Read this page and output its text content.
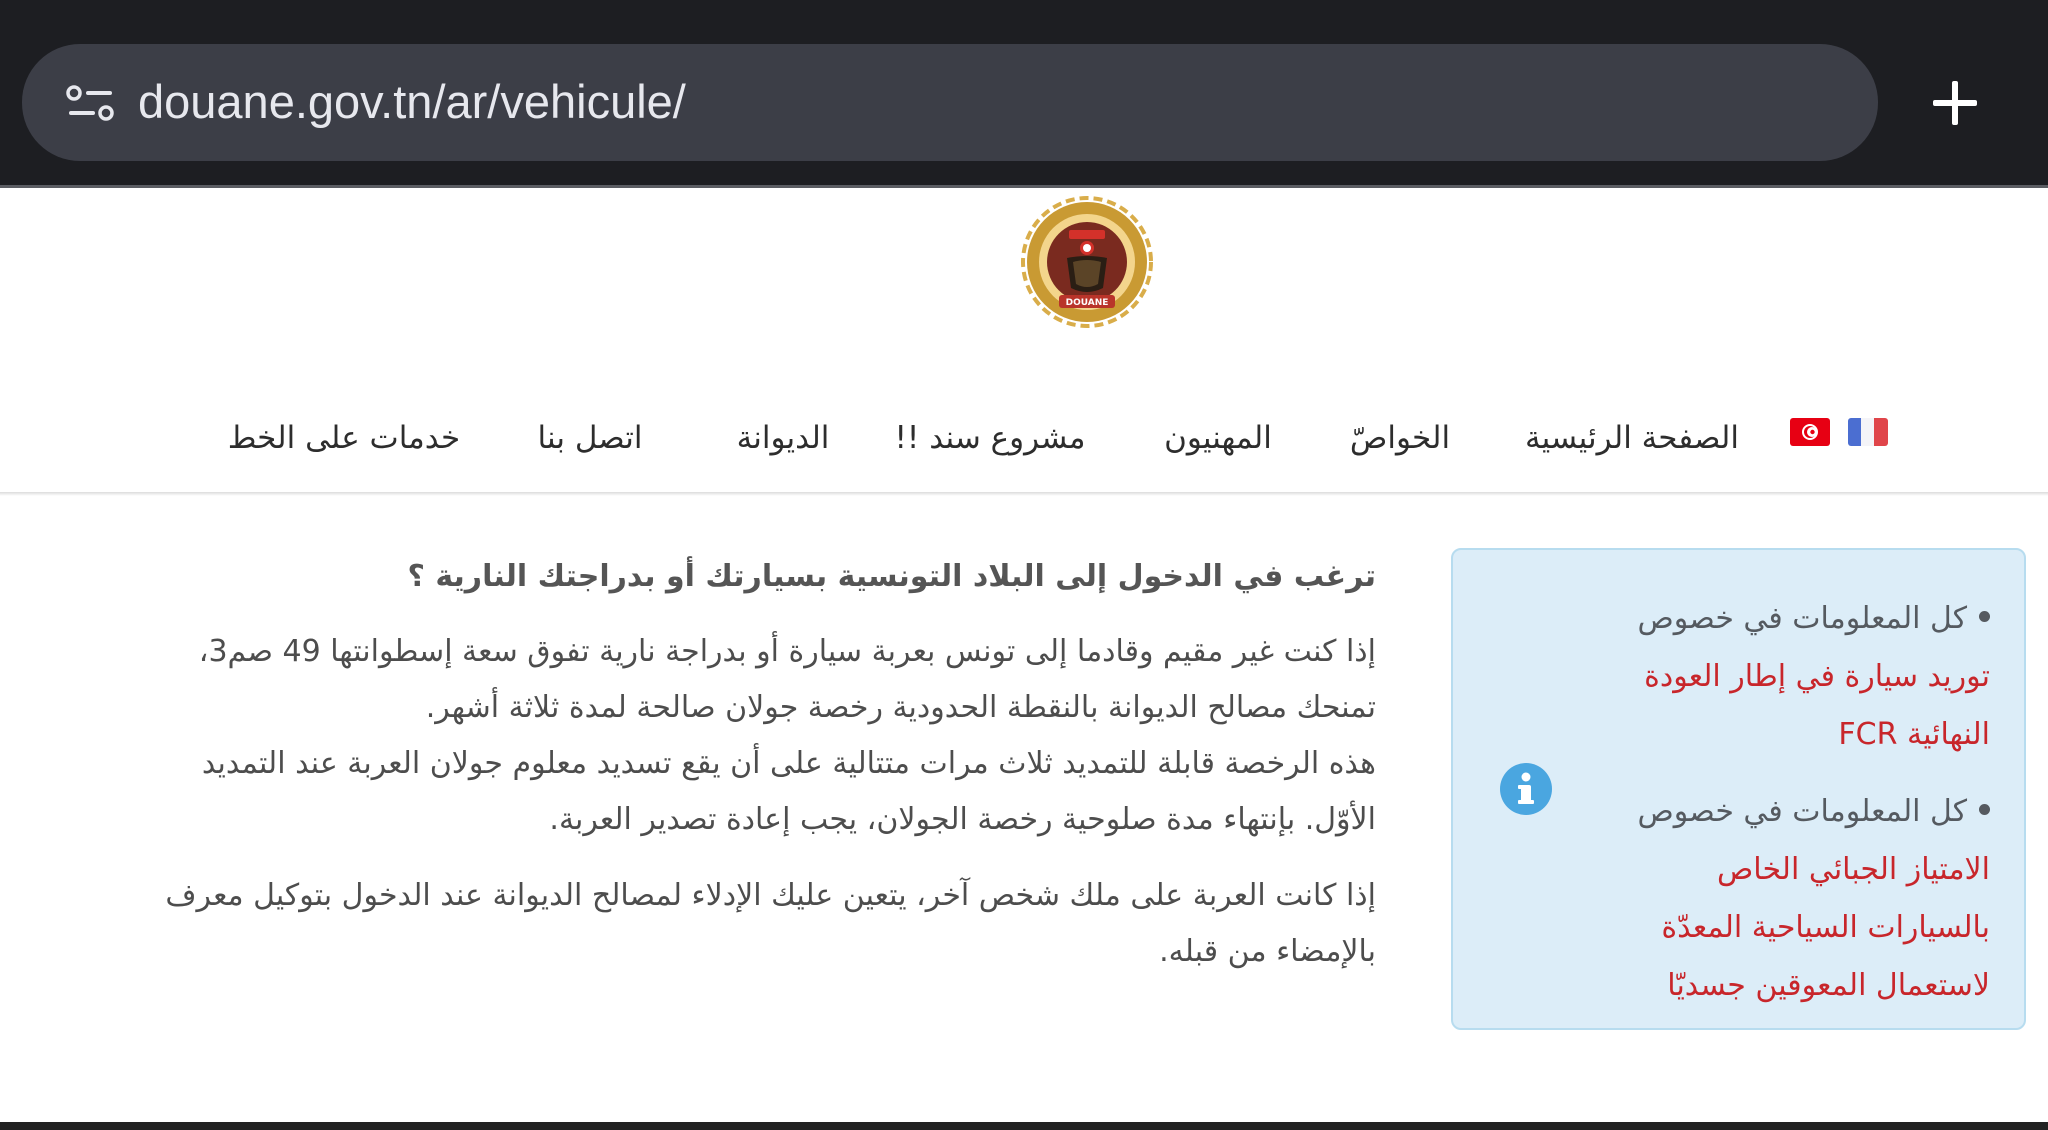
douane.gov.tn/ar/vehicule/
DOUANE
الصفحة الرئيسية
الخواصّ
المهنيون
مشروع سند !!
الديوانة
اتصل بنا
خدمات على الخط
كل المعلومات في خصوص
توريد سيارة في إطار العودة
النهائية FCR
كل المعلومات في خصوص
الامتياز الجبائي الخاص
بالسيارات السياحية المعدّة
لاستعمال المعوقين جسديّا
ترغب في الدخول إلى البلاد التونسية بسيارتك أو بدراجتك النارية ؟
إذا كنت غير مقيم وقادما إلى تونس بعربة سيارة أو بدراجة نارية تفوق سعة إسطوانتها 49 صم3،
تمنحك مصالح الديوانة بالنقطة الحدودية رخصة جولان صالحة لمدة ثلاثة أشهر.
هذه الرخصة قابلة للتمديد ثلاث مرات متتالية على أن يقع تسديد معلوم جولان العربة عند التمديد
الأوّل. بإنتهاء مدة صلوحية رخصة الجولان، يجب إعادة تصدير العربة.
إذا كانت العربة على ملك شخص آخر، يتعين عليك الإدلاء لمصالح الديوانة عند الدخول بتوكيل معرف
بالإمضاء من قبله.
